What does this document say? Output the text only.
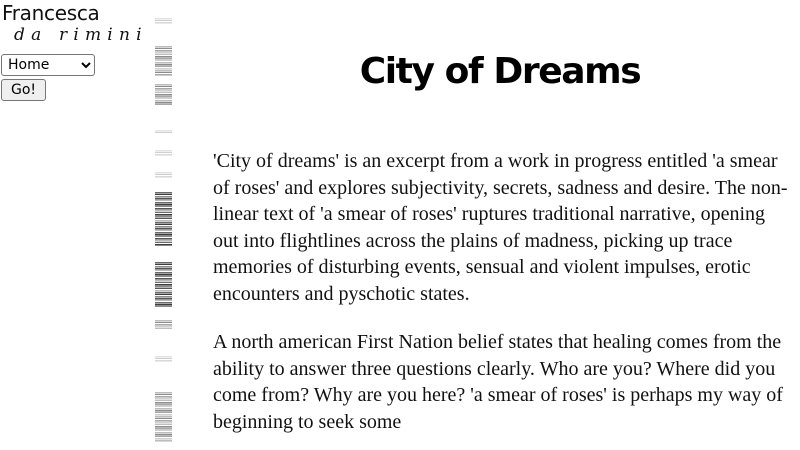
Francesca
da rimini
Home
Go!	City of Dreams

'City of dreams' is an excerpt from a work in progress entitled 'a smear of roses' and explores subjectivity, secrets, sadness and desire. The non-linear text of 'a smear of roses' ruptures traditional narrative, opening out into flightlines across the plains of madness, picking up trace memories of disturbing events, sensual and violent impulses, erotic encounters and pyschotic states.

A north american First Nation belief states that healing comes from the ability to answer three questions clearly. Who are you? Where did you come from? Why are you here? 'a smear of roses' is perhaps my way of beginning to seek some
